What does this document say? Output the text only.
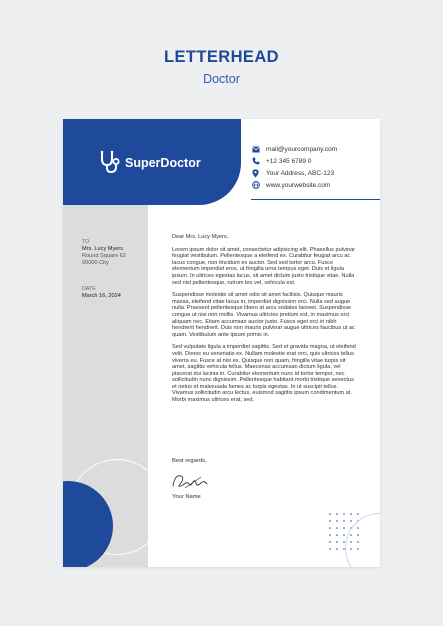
LETTERHEAD
Doctor
SuperDoctor
mail@yourcompany.com
+12 345 6789 0
Your Address, ABC-123
www.yourwebsite.com
TO
Mrs. Lucy Myers
Round Square 62
00000 City
DATE
March 16, 2024

Dear Mrs. Lucy Myers,

Lorem ipsum dolor sit amet, consectetur adipiscing elit. Phasellus pulvinar feugiat vestibulum. Pellentesque a eleifend ex. Curabitur feugiat arcu ac lacus congue, non tincidunt ex auctor. Sed sed tortor arcu. Fusce elementum imperdiet eros, ut fringilla urna tempus eget. Duis et ligula ipsum. In ultrices egestas lacus, sit amet dictum justo tristique vitae. Nulla sed nisl pellentesque, rutrum leo vel, vehicula est.

Suspendisse molestie sit amet odio sit amet facilisis. Quisque mauris massa, eleifend vitae lacus in, imperdiet dignissim orci. Nulla sed augue nulla. Praesent pellentesque libero at arcu sodales laoreet. Suspendisse congue ut nisi non mollis. Vivamus ultricies pretium est, in maximus orci aliquam nec. Etiam accumsan auctor justo. Fusce eget orci in nibh hendrerit hendrerit. Duis non mauris pulvinar augue ultrices faucibus ut ac quam. Vestibulum ante ipsum primis in.

Sed vulputate ligula a imperdiet sagittis. Sed et gravida magna, ut eleifend velit. Donec eu venenatis ex. Nullam molestie erat orci, quis ultrices tellus viverra eu. Fusce at nisi ex. Quisque non quam, fringilla vitae turpis sit amet, sagittis vehicula tellus. Maecenas accumsan dictum ligula, vel placerat dui lacinia in. Curabitur elementum nunc id tortor tempor, nec sollicitudin nunc dignissim. Pellentesque habitant morbi tristique senectus et netus et malesuada fames ac turpis egestas. In ut suscipit tellus. Vivamus sollicitudin arcu lectus, euismod sagittis ipsum condimentum at. Morbi maximus ultrices erat, sed.

Best regards,
Your Name
